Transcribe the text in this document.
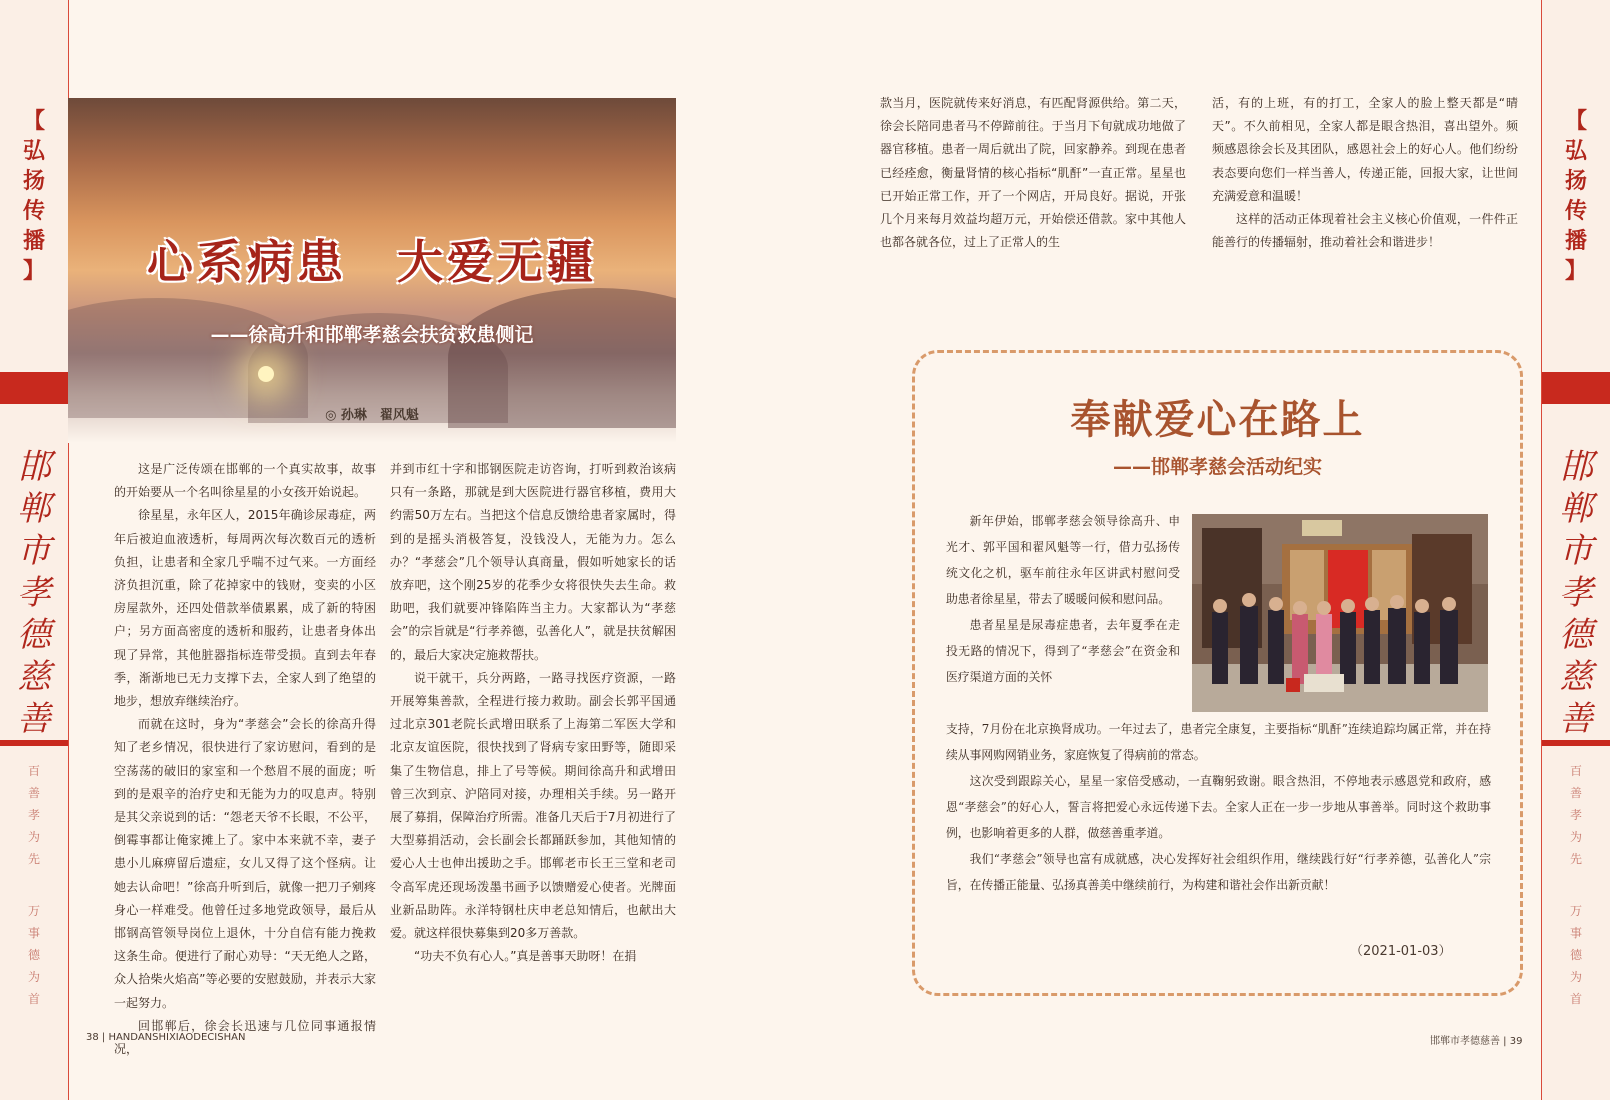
【
弘
扬
传
播
】
邯
郸
市
孝
德
慈
善
百
善
孝
为
先
万
事
德
为
首
【
弘
扬
传
播
】
邯
郸
市
孝
德
慈
善
百
善
孝
为
先
万
事
德
为
首
心系病患　大爱无疆
——徐高升和邯郸孝慈会扶贫救患侧记
◎ 孙琳　翟风魁

这是广泛传颂在邯郸的一个真实故事，故事的开始要从一个名叫徐星星的小女孩开始说起。

徐星星，永年区人，2015年确诊尿毒症，两年后被迫血液透析，每周两次每次数百元的透析负担，让患者和全家几乎喘不过气来。一方面经济负担沉重，除了花掉家中的钱财，变卖的小区房屋款外，还四处借款举债累累，成了新的特困户；另方面高密度的透析和服药，让患者身体出现了异常，其他脏器指标连带受损。直到去年春季，渐渐地已无力支撑下去，全家人到了绝望的地步，想放弃继续治疗。

而就在这时，身为“孝慈会”会长的徐高升得知了老乡情况，很快进行了家访慰问，看到的是空荡荡的破旧的家室和一个愁眉不展的面庞；听到的是艰辛的治疗史和无能为力的叹息声。特别是其父亲说到的话：“怨老天爷不长眼，不公平，倒霉事都让俺家摊上了。家中本来就不幸，妻子患小儿麻痹留后遗症，女儿又得了这个怪病。让她去认命吧！”徐高升听到后，就像一把刀子剜疼身心一样难受。他曾任过多地党政领导，最后从邯钢高管领导岗位上退休，十分自信有能力挽救这条生命。便进行了耐心劝导：“天无绝人之路，众人拾柴火焰高”等必要的安慰鼓励，并表示大家一起努力。

回邯郸后，徐会长迅速与几位同事通报情况，

并到市红十字和邯钢医院走访咨询，打听到救治该病只有一条路，那就是到大医院进行器官移植，费用大约需50万左右。当把这个信息反馈给患者家属时，得到的是摇头消极答复，没钱没人，无能为力。怎么办？“孝慈会”几个领导认真商量，假如听她家长的话放弃吧，这个刚25岁的花季少女将很快失去生命。救助吧，我们就要冲锋陷阵当主力。大家都认为“孝慈会”的宗旨就是“行孝养德，弘善化人”，就是扶贫解困的，最后大家决定施救帮扶。

说干就干，兵分两路，一路寻找医疗资源，一路开展筹集善款，全程进行接力救助。副会长郭平国通过北京301老院长武增田联系了上海第二军医大学和北京友谊医院，很快找到了肾病专家田野等，随即采集了生物信息，排上了号等候。期间徐高升和武增田曾三次到京、沪陪同对接，办理相关手续。另一路开展了募捐，保障治疗所需。准备几天后于7月初进行了大型募捐活动，会长副会长都踊跃参加，其他知情的爱心人士也伸出援助之手。邯郸老市长王三堂和老司令高军虎还现场泼墨书画予以馈赠爱心使者。光牌面业新品助阵。永洋特钢杜庆申老总知情后，也献出大爱。就这样很快募集到20多万善款。

“功夫不负有心人。”真是善事天助呀！在捐

款当月，医院就传来好消息，有匹配肾源供给。第二天，徐会长陪同患者马不停蹄前往。于当月下旬就成功地做了器官移植。患者一周后就出了院，回家静养。到现在患者已经痊愈，衡量肾情的核心指标“肌酐”一直正常。星星也已开始正常工作，开了一个网店，开局良好。据说，开张几个月来每月效益均超万元，开始偿还借款。家中其他人也都各就各位，过上了正常人的生

活，有的上班，有的打工，全家人的脸上整天都是“晴天”。不久前相见，全家人都是眼含热泪，喜出望外。频频感恩徐会长及其团队，感恩社会上的好心人。他们纷纷表态要向您们一样当善人，传递正能，回报大家，让世间充满爱意和温暖！

这样的活动正体现着社会主义核心价值观，一件件正能善行的传播辐射，推动着社会和谐进步！

奉献爱心在路上
——邯郸孝慈会活动纪实

新年伊始，邯郸孝慈会领导徐高升、申光才、郭平国和翟风魁等一行，借力弘扬传统文化之机，驱车前往永年区讲武村慰问受助患者徐星星，带去了暖暖问候和慰问品。

患者星星是尿毒症患者，去年夏季在走投无路的情况下，得到了“孝慈会”在资金和医疗渠道方面的关怀

支持，7月份在北京换肾成功。一年过去了，患者完全康复，主要指标“肌酐”连续追踪均属正常，并在持续从事网购网销业务，家庭恢复了得病前的常态。

这次受到跟踪关心，星星一家倍受感动，一直鞠躬致谢。眼含热泪，不停地表示感恩党和政府，感恩“孝慈会”的好心人，誓言将把爱心永远传递下去。全家人正在一步一步地从事善举。同时这个救助事例，也影响着更多的人群，做慈善重孝道。

我们“孝慈会”领导也富有成就感，决心发挥好社会组织作用，继续践行好“行孝养德，弘善化人”宗旨，在传播正能量、弘扬真善美中继续前行，为构建和谐社会作出新贡献！

（2021-01-03）
38 | HANDANSHIXIAODECISHAN	邯郸市孝德慈善 | 39
